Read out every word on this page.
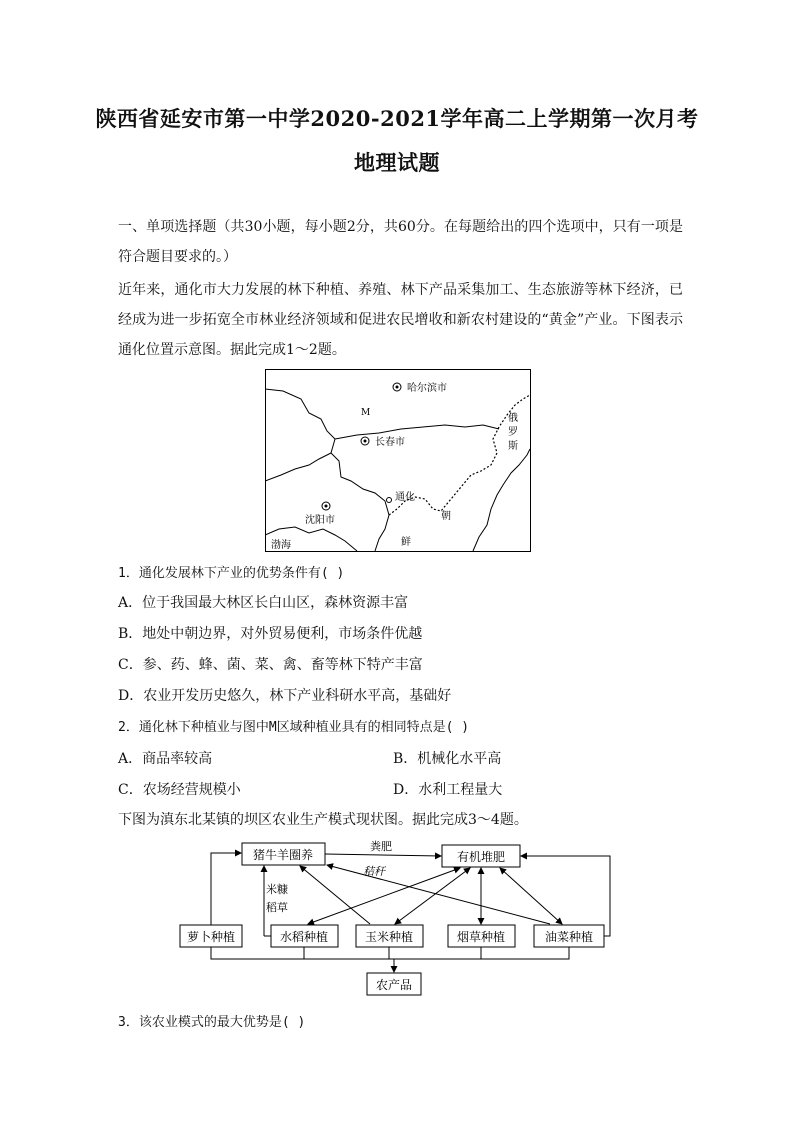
陕西省延安市第一中学2020-2021学年高二上学期第一次月考
地理试题
一、单项选择题（共30小题，每小题2分，共60分。在每题给出的四个选项中，只有一项是符合题目要求的。）
近年来，通化市大力发展的林下种植、养殖、林下产品采集加工、生态旅游等林下经济，已经成为进一步拓宽全市林业经济领域和促进农民增收和新农村建设的“黄金”产业。下图表示通化位置示意图。据此完成1～2题。
哈尔滨市
M
长春市
俄
罗
斯
通化
沈阳市	朝
鲜
渤海
1．通化发展林下产业的优势条件有( )
A．位于我国最大林区长白山区，森林资源丰富
B．地处中朝边界，对外贸易便利，市场条件优越
C．参、药、蜂、菌、菜、禽、畜等林下特产丰富
D．农业开发历史悠久，林下产业科研水平高，基础好
2．通化林下种植业与图中M区域种植业具有的相同特点是( )
A．商品率较高	B．机械化水平高
C．农场经营规模小	D．水利工程量大
下图为滇东北某镇的坝区农业生产模式现状图。据此完成3～4题。
猪牛羊圈养	有机堆肥
萝卜种植	水稻种植	玉米种植	烟草种植	油菜种植
农产品
粪肥
秸秆
米糠
稻草
3．该农业模式的最大优势是( )
